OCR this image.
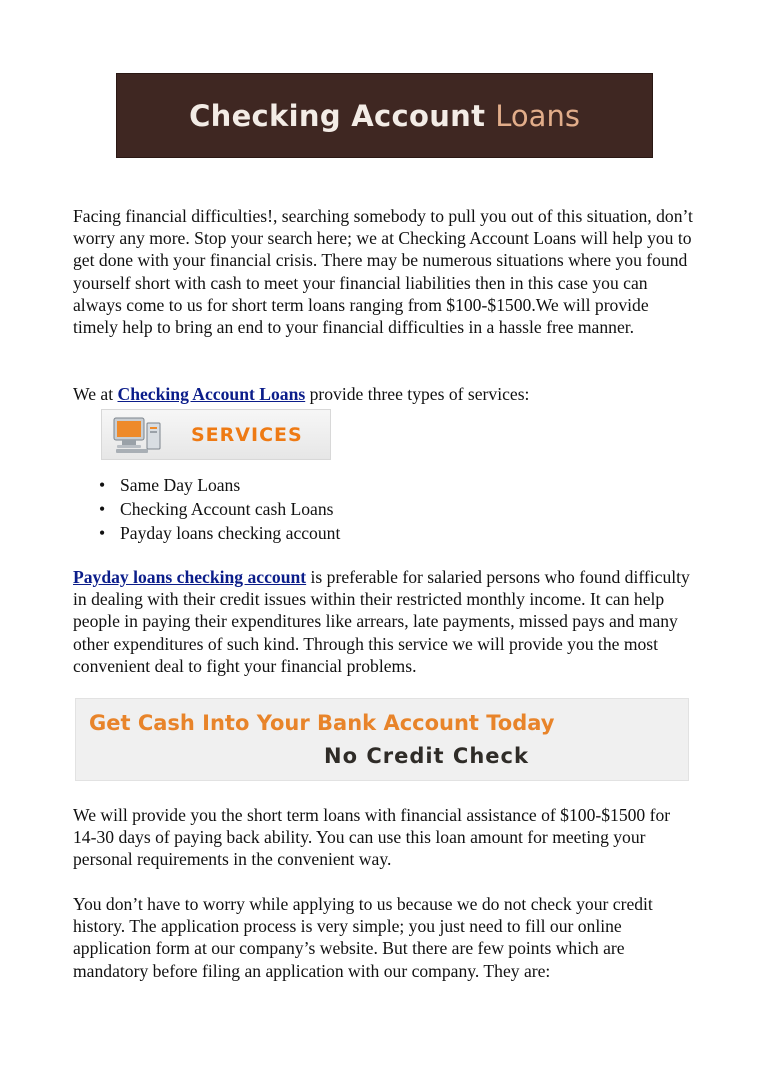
Checking Account Loans

Facing financial difficulties!, searching somebody to pull you out of this situation, don’t worry any more. Stop your search here; we at Checking Account Loans will help you to get done with your financial crisis. There may be numerous situations where you found yourself short with cash to meet your financial liabilities then in this case you can always come to us for short term loans ranging from $100-$1500.We will provide timely help to bring an end to your financial difficulties in a hassle free manner.

We at Checking Account Loans provide three types of services:

SERVICES
• Same Day Loans
• Checking Account cash Loans
• Payday loans checking account

Payday loans checking account is preferable for salaried persons who found difficulty in dealing with their credit issues within their restricted monthly income. It can help people in paying their expenditures like arrears, late payments, missed pays and many other expenditures of such kind. Through this service we will provide you the most convenient deal to fight your financial problems.

Get Cash Into Your Bank Account Today
No Credit Check

We will provide you the short term loans with financial assistance of $100-$1500 for 14-30 days of paying back ability. You can use this loan amount for meeting your personal requirements in the convenient way.

You don’t have to worry while applying to us because we do not check your credit history. The application process is very simple; you just need to fill our online application form at our company’s website. But there are few points which are mandatory before filing an application with our company. They are:
